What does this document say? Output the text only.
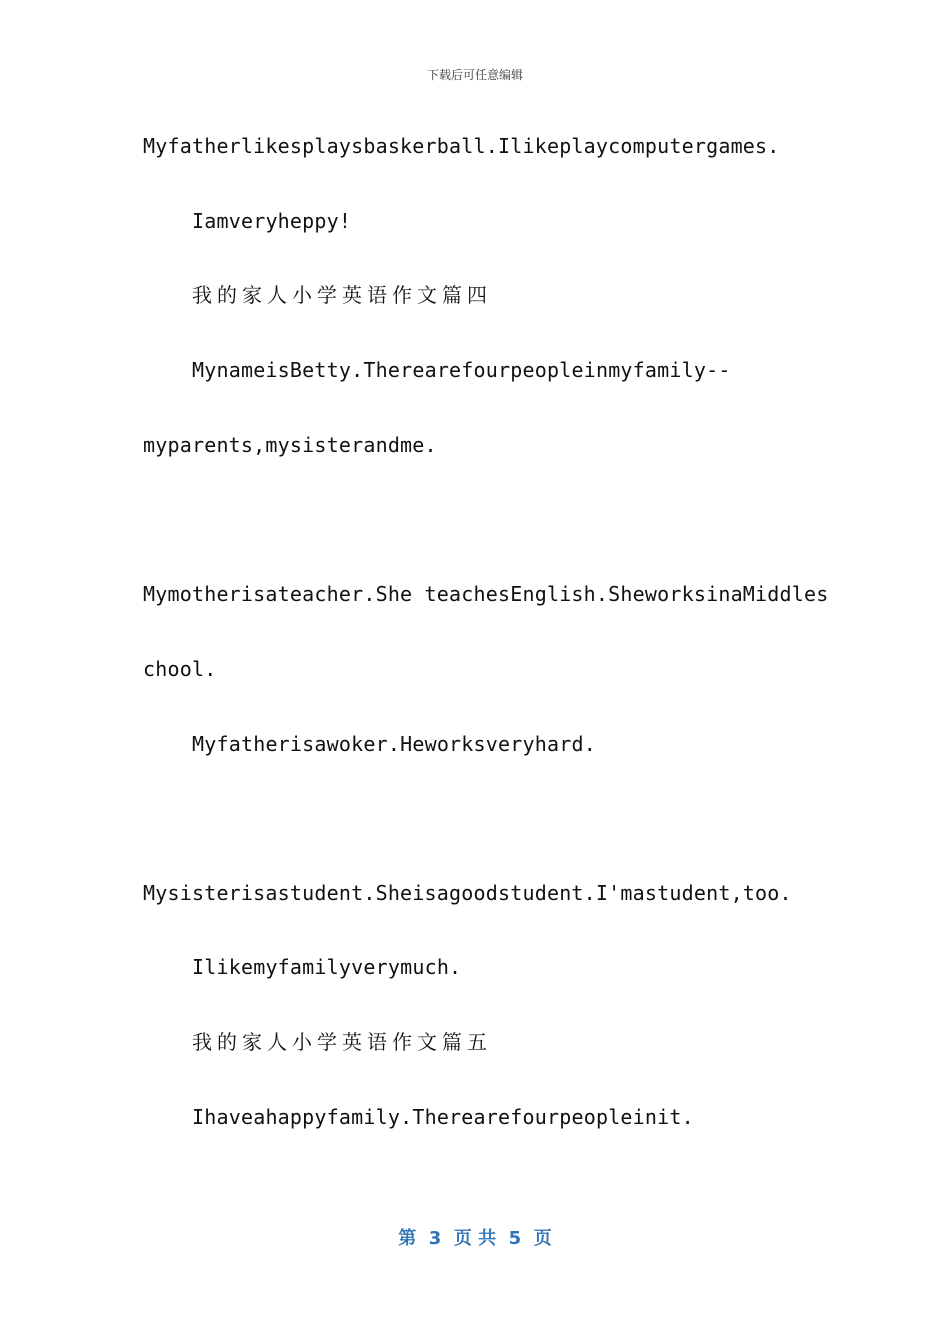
下载后可任意编辑
Myfatherlikesplaysbaskerball.Ilikeplaycomputergames.
Iamveryheppy!
我的家人小学英语作文篇四
MynameisBetty.Therearefourpeopleinmyfamily--
myparents,mysisterandme.
Mymotherisateacher.She teachesEnglish.SheworksinaMiddles
chool.
Myfatherisawoker.Heworksveryhard.
Mysisterisastudent.Sheisagoodstudent.I'mastudent,too.
Ilikemyfamilyverymuch.
我的家人小学英语作文篇五
Ihaveahappyfamily.Therearefourpeopleinit.
第  3  页 共  5  页
